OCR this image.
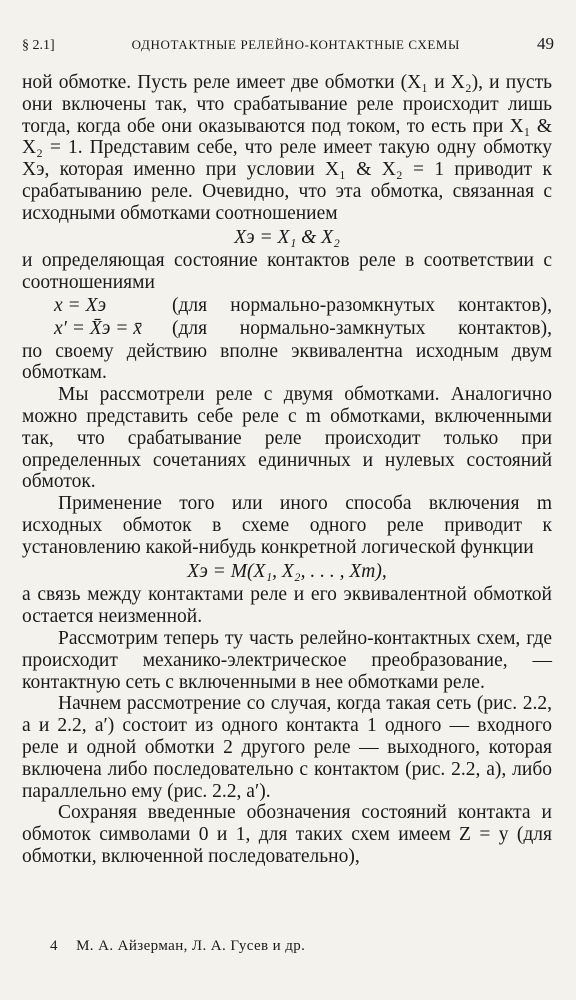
§ 2.1]	ОДНОТАКТНЫЕ РЕЛЕЙНО-КОНТАКТНЫЕ СХЕМЫ	49

ной обмотке. Пусть реле имеет две обмотки (X₁ и X₂), и пусть они включены так, что срабатывание реле происходит лишь тогда, когда обе они оказываются под током, то есть при X₁ & X₂ = 1. Представим себе, что реле имеет такую одну обмотку Xэ, которая именно при условии X₁ & X₂ = 1 приводит к срабатыванию реле. Очевидно, что эта обмотка, связанная с исходными обмотками соотношением

Xэ = X₁ & X₂

и определяющая состояние контактов реле в соответствии с соотношениями

x = Xэ	(для нормально-разомкнутых контактов),
x′ = X̄э = x̄	(для нормально-замкнутых контактов),

по своему действию вполне эквивалентна исходным двум обмоткам.

Мы рассмотрели реле с двумя обмотками. Аналогично можно представить себе реле с m обмотками, включенными так, что срабатывание реле происходит только при определенных сочетаниях единичных и нулевых состояний обмоток.

Применение того или иного способа включения m исходных обмоток в схеме одного реле приводит к установлению какой-нибудь конкретной логической функции

Xэ = M(X₁, X₂, . . . , Xm),

а связь между контактами реле и его эквивалентной обмоткой остается неизменной.

Рассмотрим теперь ту часть релейно-контактных схем, где происходит механико-электрическое преобразование, — контактную сеть с включенными в нее обмотками реле.

Начнем рассмотрение со случая, когда такая сеть (рис. 2.2, a и 2.2, a′) состоит из одного контакта 1 одного — входного реле и одной обмотки 2 другого реле — выходного, которая включена либо последовательно с контактом (рис. 2.2, a), либо параллельно ему (рис. 2.2, a′).

Сохраняя введенные обозначения состояний контакта и обмоток символами 0 и 1, для таких схем имеем Z = y (для обмотки, включенной последовательно),

4 М. А. Айзерман, Л. А. Гусев и др.
